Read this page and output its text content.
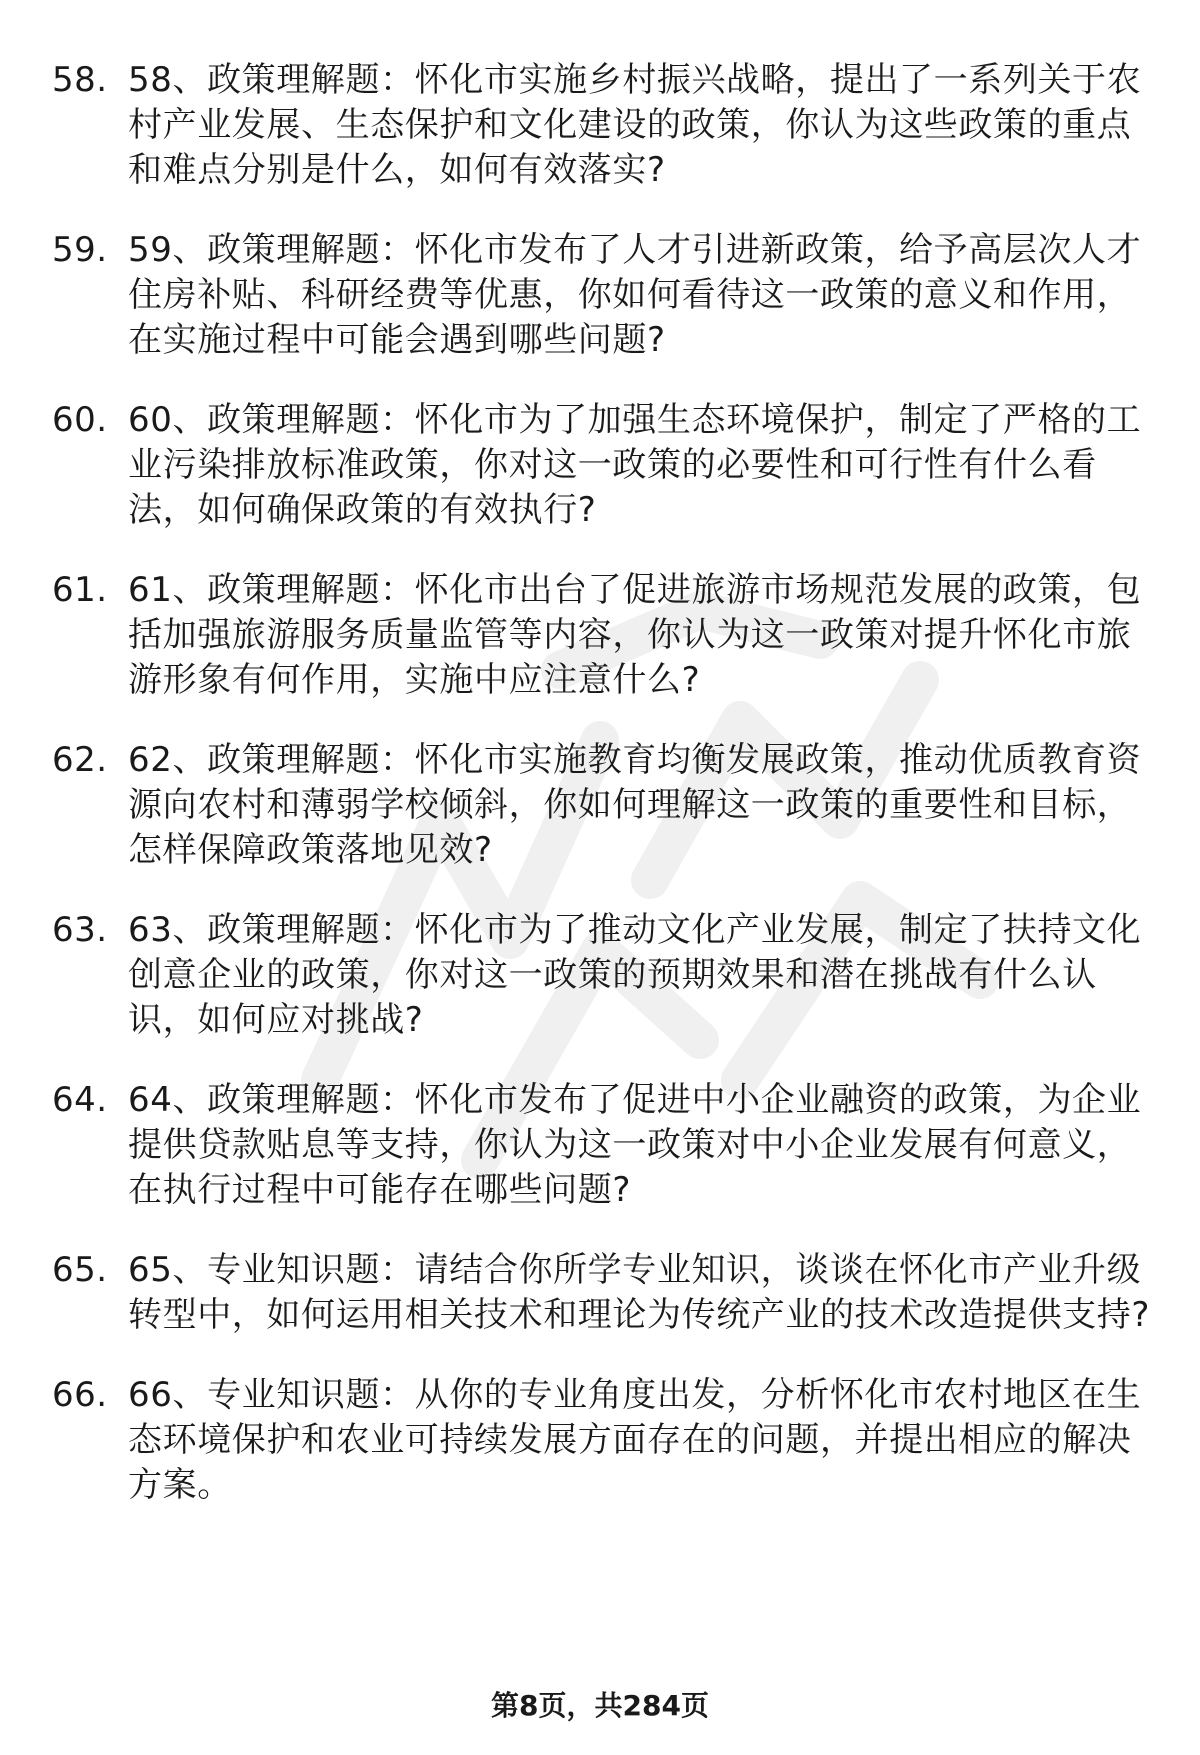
58. 58、政策理解题：怀化市实施乡村振兴战略，提出了一系列关于农村产业发展、生态保护和文化建设的政策，你认为这些政策的重点和难点分别是什么，如何有效落实?
59. 59、政策理解题：怀化市发布了人才引进新政策，给予高层次人才住房补贴、科研经费等优惠，你如何看待这一政策的意义和作用，在实施过程中可能会遇到哪些问题?
60. 60、政策理解题：怀化市为了加强生态环境保护，制定了严格的工业污染排放标准政策，你对这一政策的必要性和可行性有什么看法，如何确保政策的有效执行?
61. 61、政策理解题：怀化市出台了促进旅游市场规范发展的政策，包括加强旅游服务质量监管等内容，你认为这一政策对提升怀化市旅游形象有何作用，实施中应注意什么?
62. 62、政策理解题：怀化市实施教育均衡发展政策，推动优质教育资源向农村和薄弱学校倾斜，你如何理解这一政策的重要性和目标，怎样保障政策落地见效?
63. 63、政策理解题：怀化市为了推动文化产业发展，制定了扶持文化创意企业的政策，你对这一政策的预期效果和潜在挑战有什么认识，如何应对挑战?
64. 64、政策理解题：怀化市发布了促进中小企业融资的政策，为企业提供贷款贴息等支持，你认为这一政策对中小企业发展有何意义，在执行过程中可能存在哪些问题?
65. 65、专业知识题：请结合你所学专业知识，谈谈在怀化市产业升级转型中，如何运用相关技术和理论为传统产业的技术改造提供支持?
66. 66、专业知识题：从你的专业角度出发，分析怀化市农村地区在生态环境保护和农业可持续发展方面存在的问题，并提出相应的解决方案。
第8页，共284页
